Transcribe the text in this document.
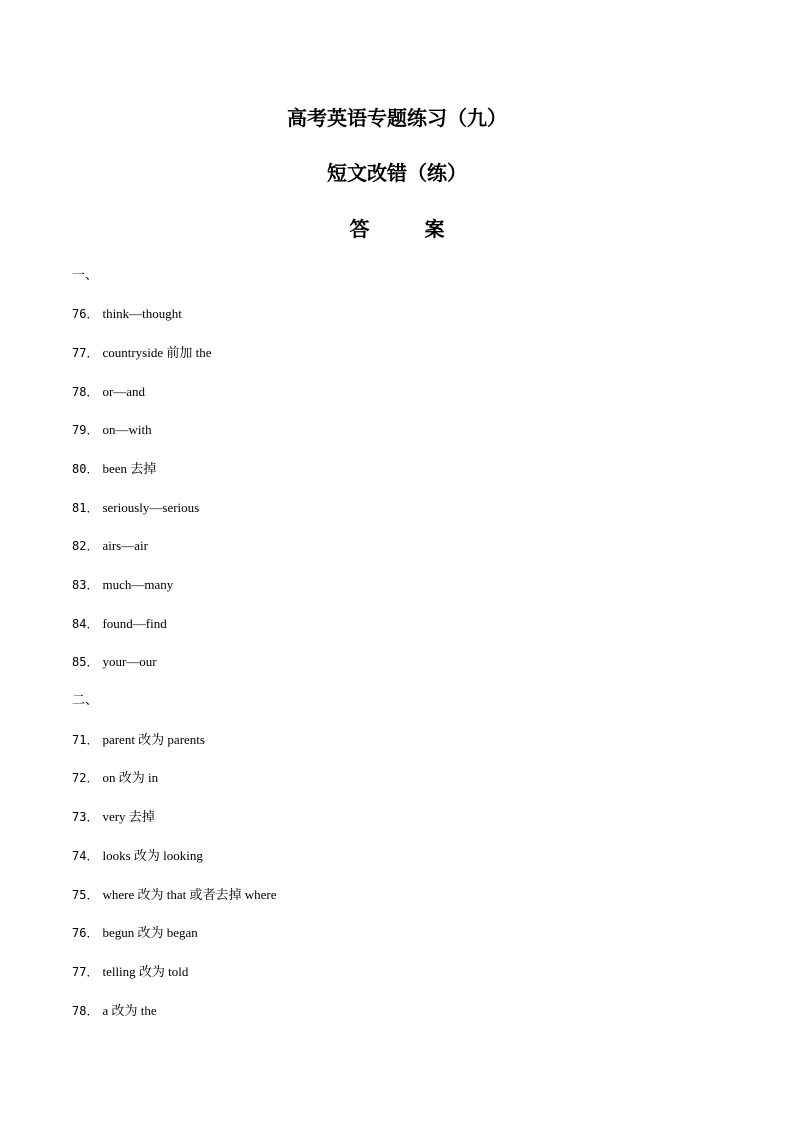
高考英语专题练习（九）
短文改错（练）
答 案
一、
76． think—thought
77． countryside 前加 the
78． or—and
79． on—with
80． been 去掉
81． seriously—serious
82． airs—air
83． much—many
84． found—find
85． your—our
二、
71． parent 改为 parents
72． on 改为 in
73． very 去掉
74． looks 改为 looking
75． where 改为 that 或者去掉 where
76． begun 改为 began
77． telling 改为 told
78． a 改为 the
